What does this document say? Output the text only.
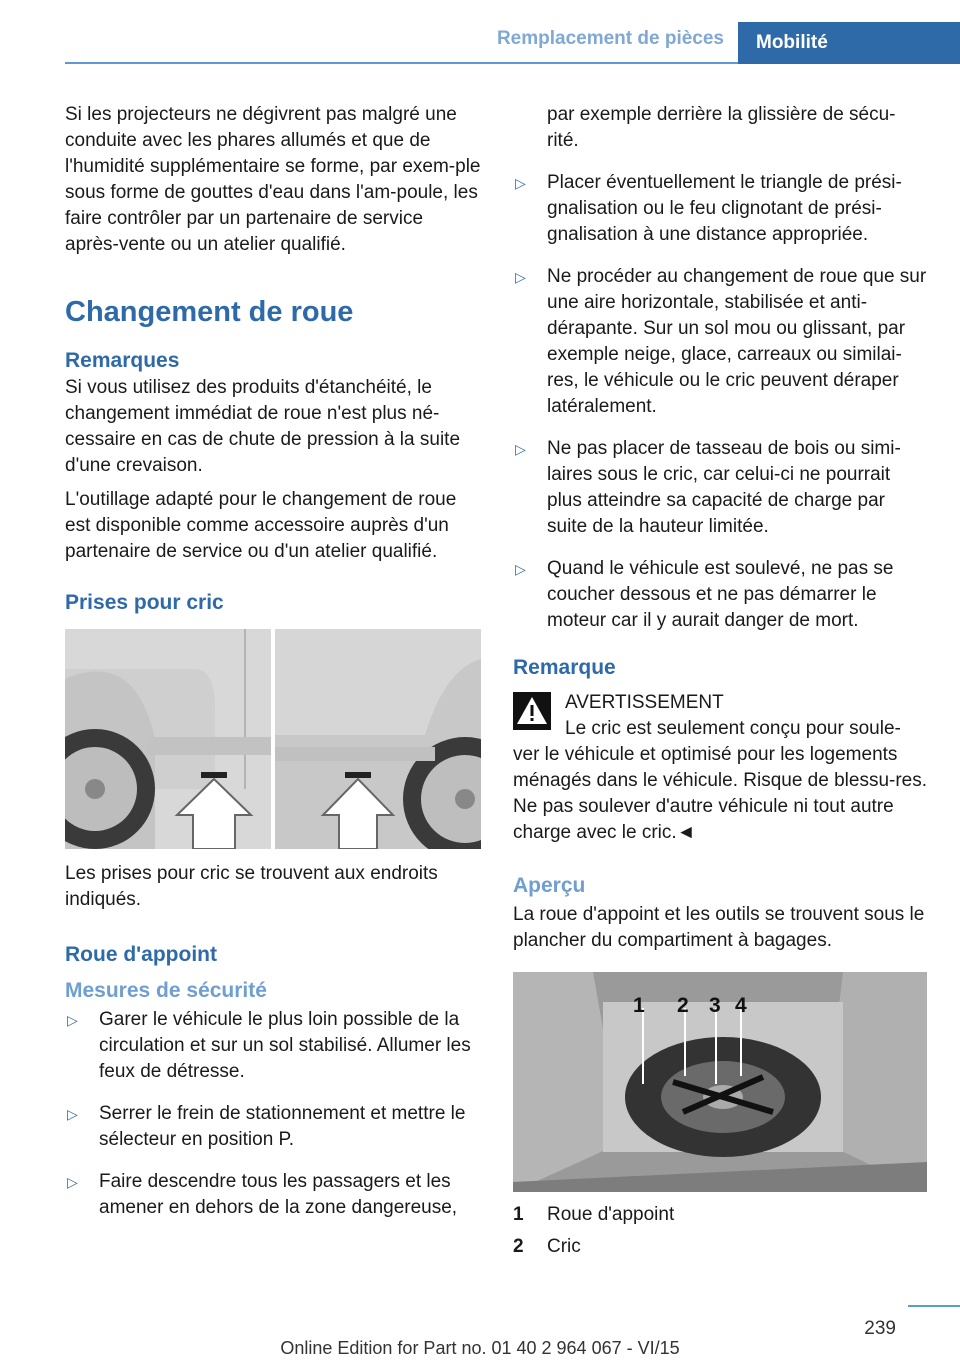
Remplacement de pièces	Mobilité

Si les projecteurs ne dégivrent pas malgré une conduite avec les phares allumés et que de l'humidité supplémentaire se forme, par exem-ple sous forme de gouttes d'eau dans l'am-poule, les faire contrôler par un partenaire de service après-vente ou un atelier qualifié.

Changement de roue
Remarques

Si vous utilisez des produits d'étanchéité, le changement immédiat de roue n'est plus né-cessaire en cas de chute de pression à la suite d'une crevaison.

L'outillage adapté pour le changement de roue est disponible comme accessoire auprès d'un partenaire de service ou d'un atelier qualifié.

Prises pour cric

Les prises pour cric se trouvent aux endroits indiqués.

Roue d'appoint
Mesures de sécurité
▷ Garer le véhicule le plus loin possible de la circulation et sur un sol stabilisé. Allumer les feux de détresse.
▷ Serrer le frein de stationnement et mettre le sélecteur en position P.
▷ Faire descendre tous les passagers et les amener en dehors de la zone dangereuse,

par exemple derrière la glissière de sécu-rité.

▷ Placer éventuellement le triangle de prési-gnalisation ou le feu clignotant de prési-gnalisation à une distance appropriée.
▷ Ne procéder au changement de roue que sur une aire horizontale, stabilisée et anti-dérapante. Sur un sol mou ou glissant, par exemple neige, glace, carreaux ou similai-res, le véhicule ou le cric peuvent déraper latéralement.
▷ Ne pas placer de tasseau de bois ou simi-laires sous le cric, car celui-ci ne pourrait plus atteindre sa capacité de charge par suite de la hauteur limitée.
▷ Quand le véhicule est soulevé, ne pas se coucher dessous et ne pas démarrer le moteur car il y aurait danger de mort.
Remarque
AVERTISSEMENT
Le cric est seulement conçu pour soule-
ver le véhicule et optimisé pour les logements ménagés dans le véhicule. Risque de blessu-res. Ne pas soulever d'autre véhicule ni tout autre charge avec le cric.◄
Aperçu

La roue d'appoint et les outils se trouvent sous le plancher du compartiment à bagages.

1 2 3 4
1	Roue d'appoint
2	Cric
239
Online Edition for Part no. 01 40 2 964 067 - VI/15
